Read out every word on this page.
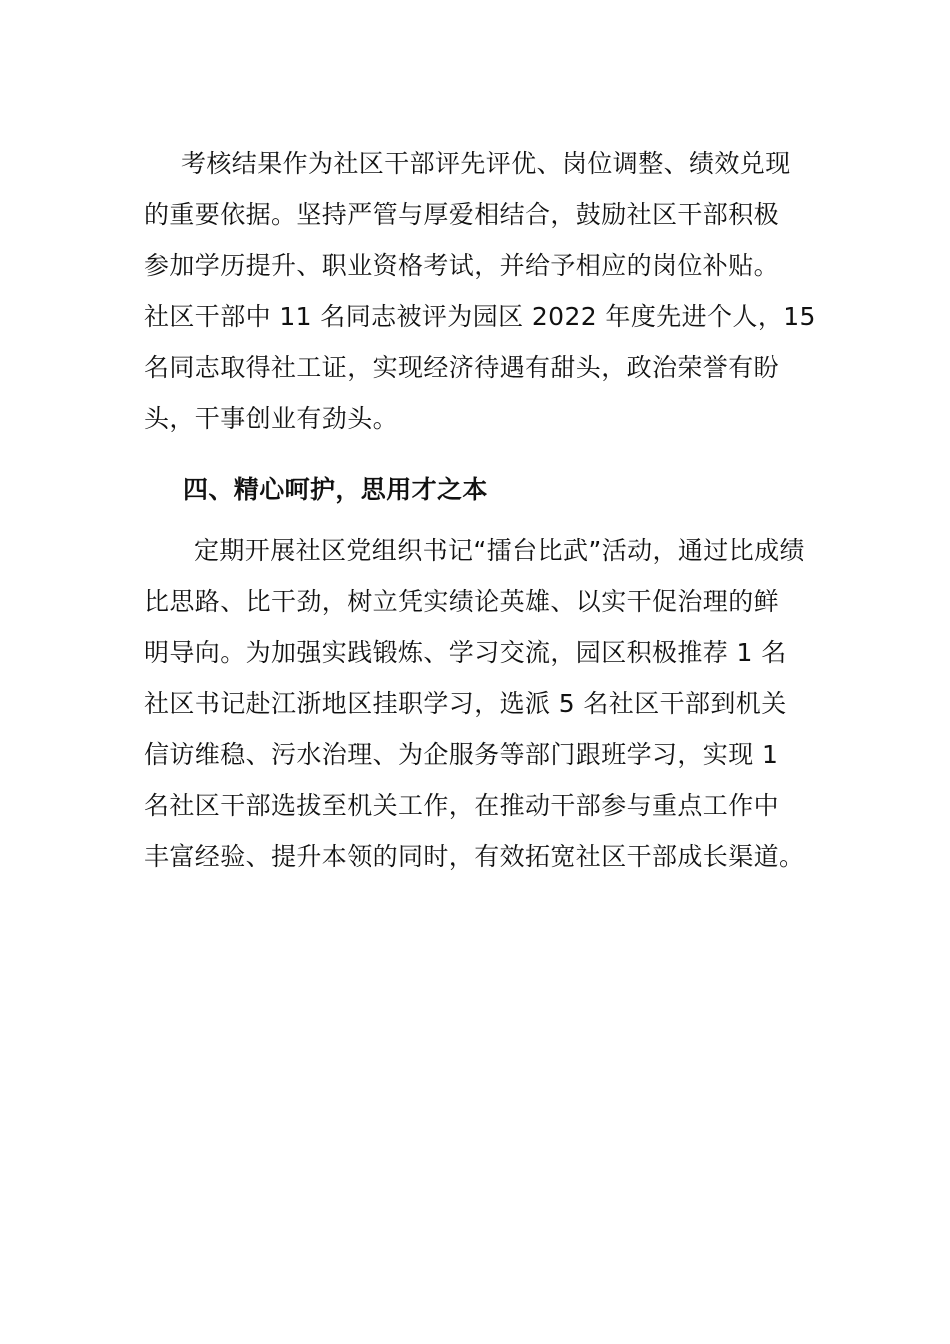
考核结果作为社区干部评先评优、岗位调整、绩效兑现
的重要依据。坚持严管与厚爱相结合，鼓励社区干部积极
参加学历提升、职业资格考试，并给予相应的岗位补贴。
社区干部中 11 名同志被评为园区 2022 年度先进个人，15
名同志取得社工证，实现经济待遇有甜头，政治荣誉有盼
头，干事创业有劲头。
四、精心呵护，思用才之本
定期开展社区党组织书记“擂台比武”活动，通过比成绩
比思路、比干劲，树立凭实绩论英雄、以实干促治理的鲜
明导向。为加强实践锻炼、学习交流，园区积极推荐 1 名
社区书记赴江浙地区挂职学习，选派 5 名社区干部到机关
信访维稳、污水治理、为企服务等部门跟班学习，实现 1
名社区干部选拔至机关工作，在推动干部参与重点工作中
丰富经验、提升本领的同时，有效拓宽社区干部成长渠道。
